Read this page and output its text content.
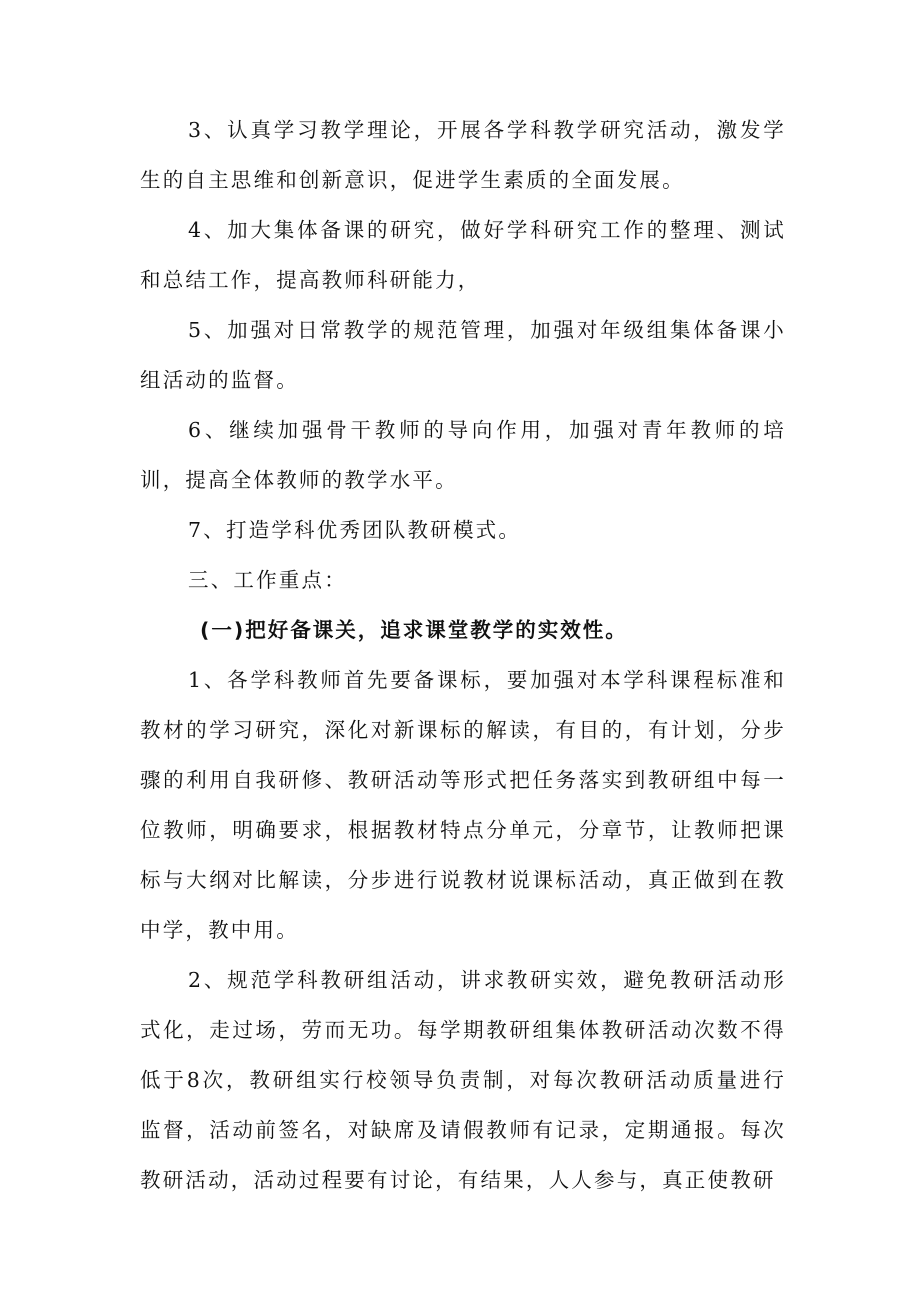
3、认真学习教学理论，开展各学科教学研究活动，激发学生的自主思维和创新意识，促进学生素质的全面发展。

4、加大集体备课的研究，做好学科研究工作的整理、测试和总结工作，提高教师科研能力，

5、加强对日常教学的规范管理，加强对年级组集体备课小组活动的监督。

6、继续加强骨干教师的导向作用，加强对青年教师的培训，提高全体教师的教学水平。

7、打造学科优秀团队教研模式。

三、工作重点：

(一)把好备课关，追求课堂教学的实效性。

1、各学科教师首先要备课标，要加强对本学科课程标准和教材的学习研究，深化对新课标的解读，有目的，有计划，分步骤的利用自我研修、教研活动等形式把任务落实到教研组中每一位教师，明确要求，根据教材特点分单元，分章节，让教师把课标与大纲对比解读，分步进行说教材说课标活动，真正做到在教中学，教中用。

2、规范学科教研组活动，讲求教研实效，避免教研活动形式化，走过场，劳而无功。每学期教研组集体教研活动次数不得低于8次，教研组实行校领导负责制，对每次教研活动质量进行监督，活动前签名，对缺席及请假教师有记录，定期通报。每次教研活动，活动过程要有讨论，有结果，人人参与，真正使教研
